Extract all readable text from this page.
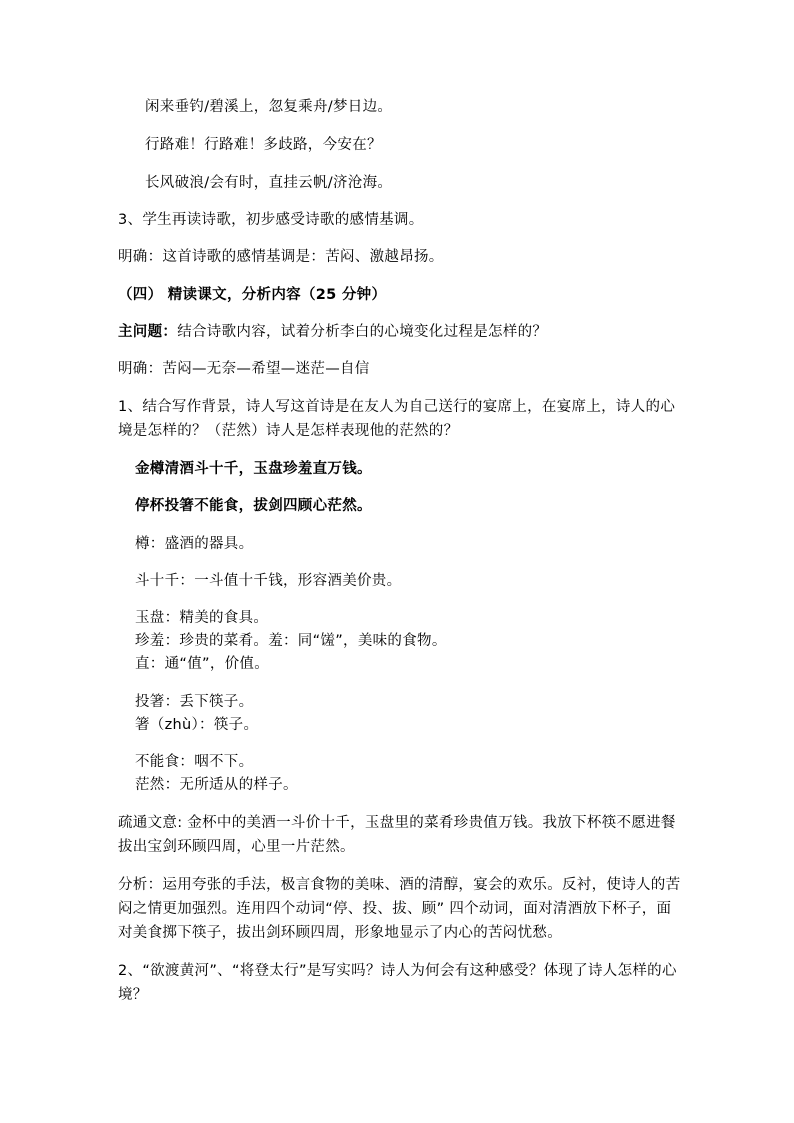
闲来垂钓/碧溪上，忽复乘舟/梦日边。
行路难！行路难！多歧路，今安在？
长风破浪/会有时，直挂云帆/济沧海。
3、学生再读诗歌，初步感受诗歌的感情基调。
明确：这首诗歌的感情基调是：苦闷、激越昂扬。
（四） 精读课文，分析内容（25 分钟）
主问题：结合诗歌内容，试着分析李白的心境变化过程是怎样的？
明确：苦闷—无奈—希望—迷茫—自信
1、结合写作背景，诗人写这首诗是在友人为自己送行的宴席上，在宴席上，诗人的心
境是怎样的？（茫然）诗人是怎样表现他的茫然的？
金樽清酒斗十千，玉盘珍羞直万钱。
停杯投箸不能食，拔剑四顾心茫然。
樽：盛酒的器具。
斗十千：一斗值十千钱，形容酒美价贵。
玉盘：精美的食具。
珍羞：珍贵的菜肴。羞：同“馐”，美味的食物。
直：通“值”，价值。
投箸：丢下筷子。
箸（zhù）：筷子。
不能食：咽不下。
茫然：无所适从的样子。
疏通文意: 金杯中的美酒一斗价十千，玉盘里的菜肴珍贵值万钱。我放下杯筷不愿进餐
拔出宝剑环顾四周，心里一片茫然。
分析：运用夸张的手法，极言食物的美味、酒的清醇，宴会的欢乐。反衬，使诗人的苦
闷之情更加强烈。连用四个动词“停、投、拔、顾” 四个动词，面对清酒放下杯子，面
对美食掷下筷子，拔出剑环顾四周，形象地显示了内心的苦闷忧愁。
2、“欲渡黄河”、“将登太行”是写实吗？诗人为何会有这种感受？体现了诗人怎样的心
境？
